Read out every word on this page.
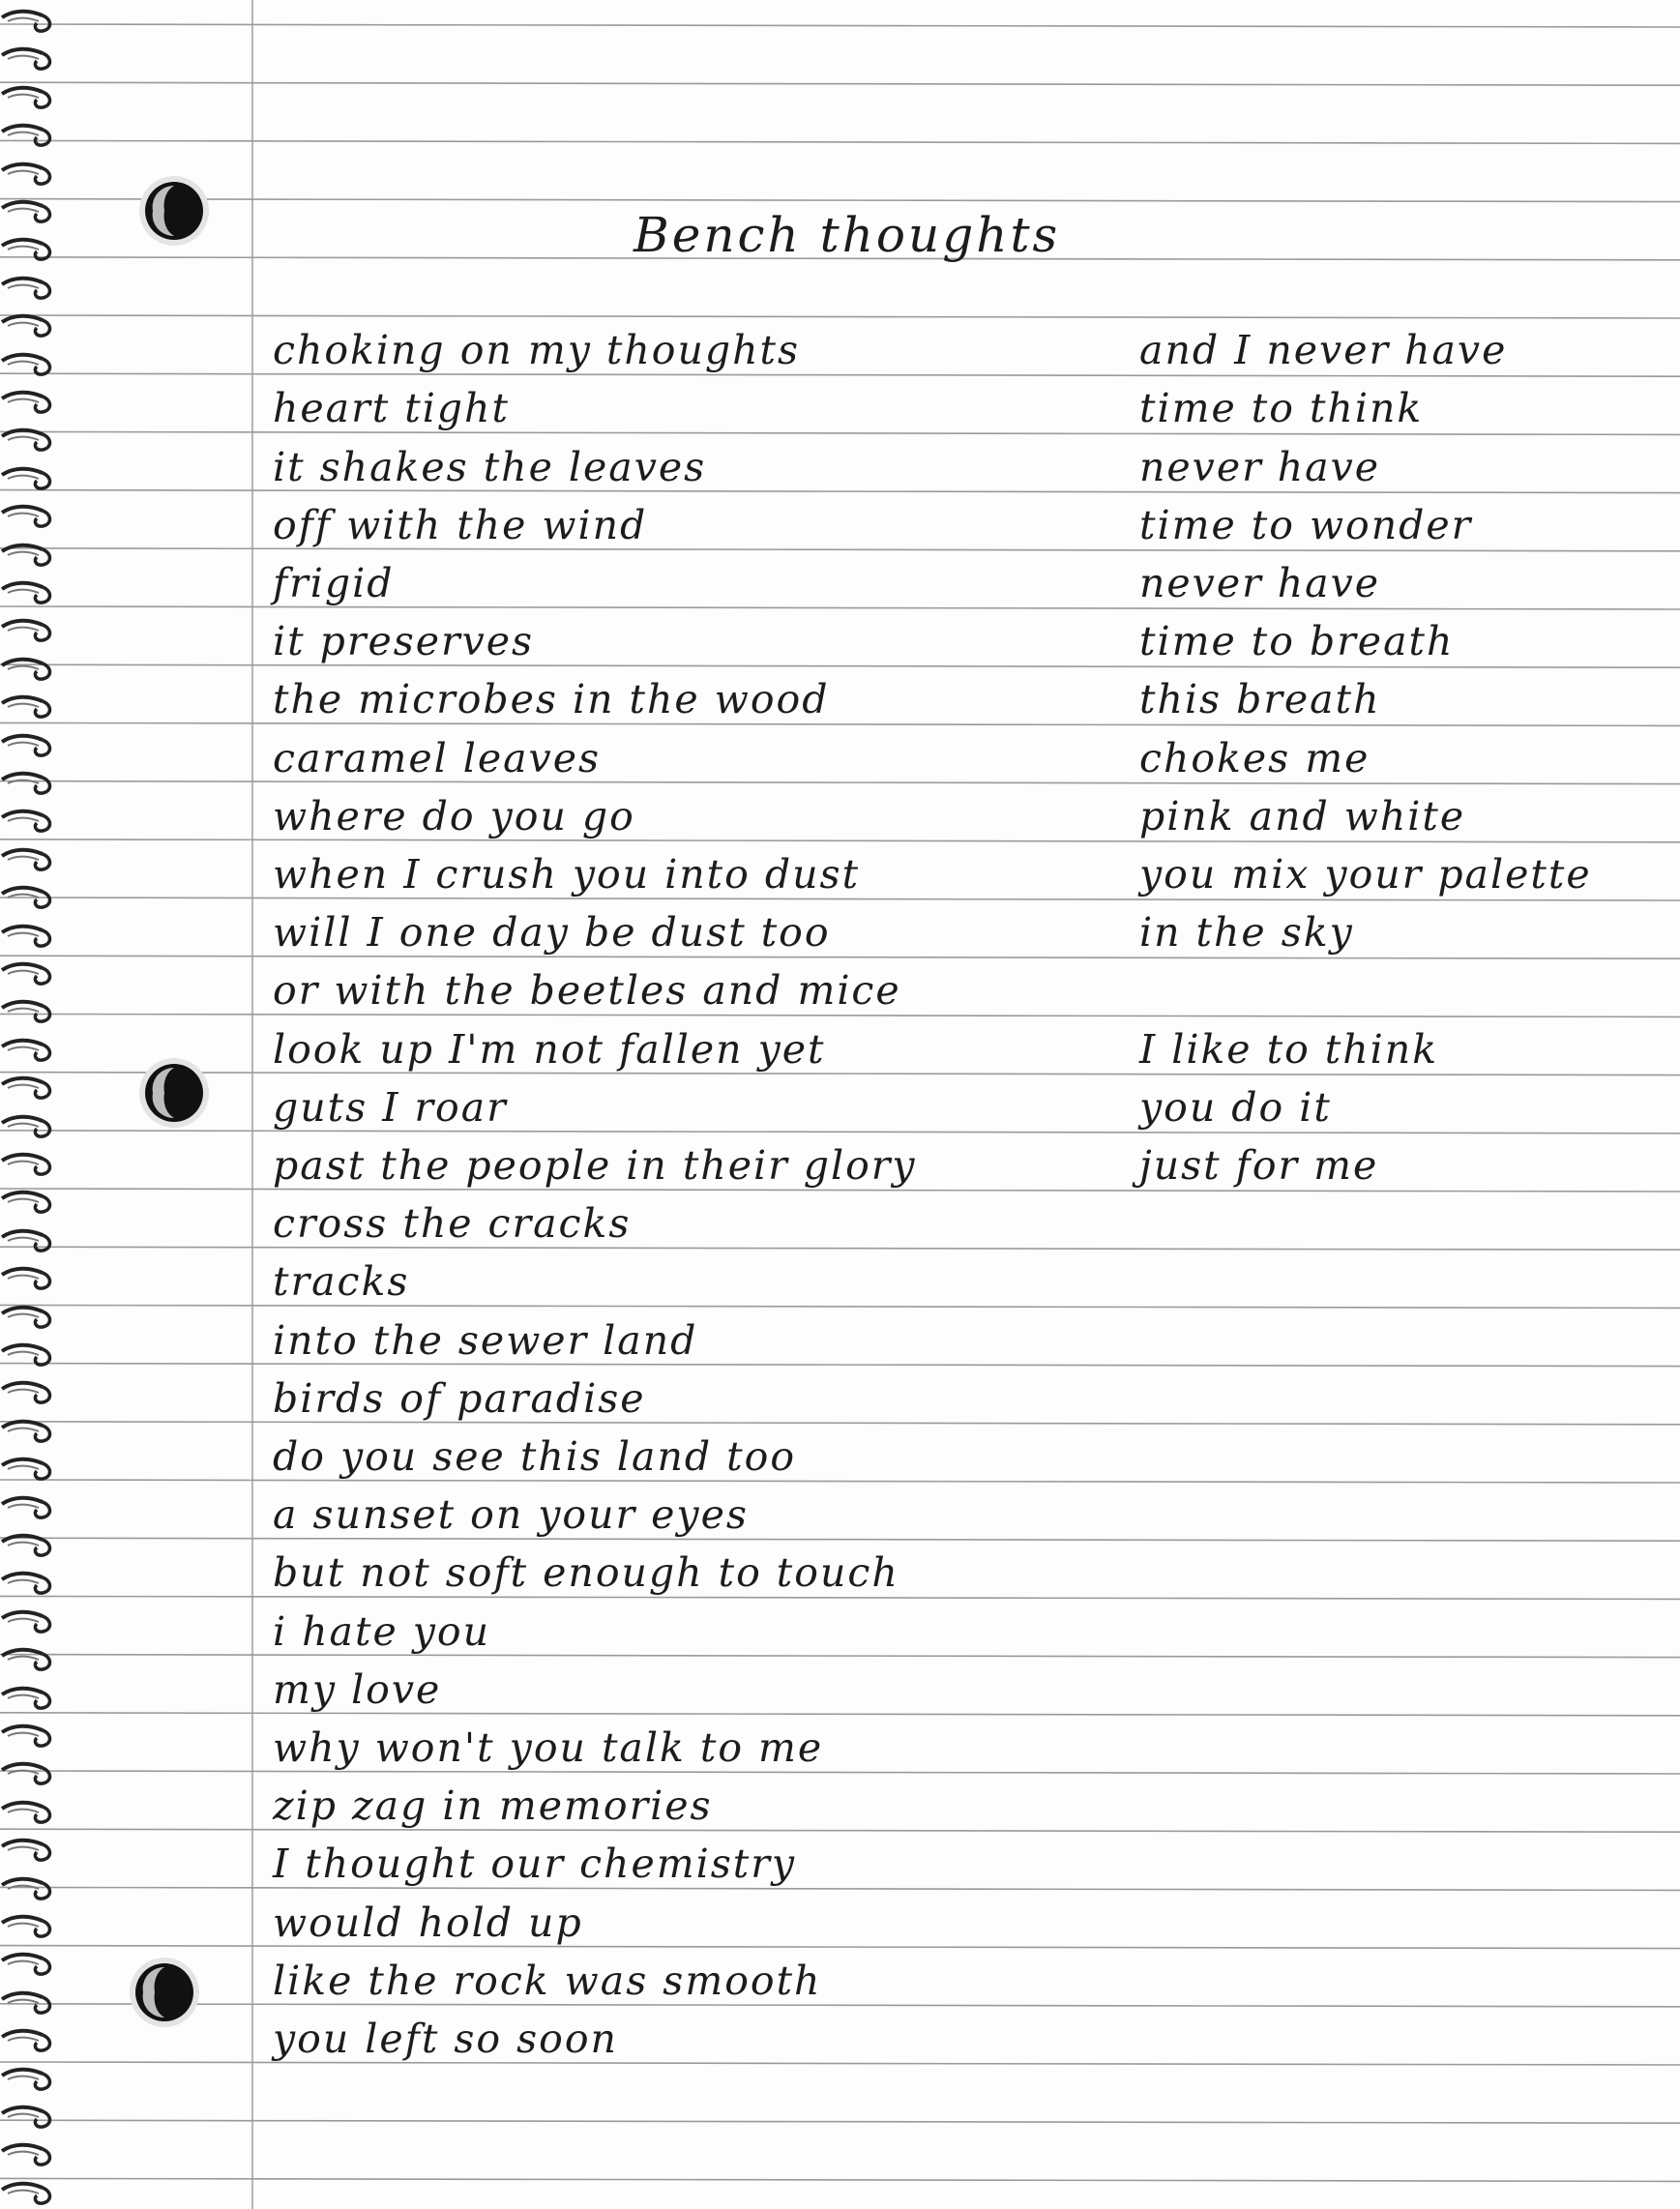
Bench thoughts
choking on my thoughts
heart tight
it shakes the leaves
off with the wind
frigid
it preserves
the microbes in the wood
caramel leaves
where do you go
when I crush you into dust
will I one day be dust too
or with the beetles and mice
look up I'm not fallen yet
guts I roar
past the people in their glory
cross the cracks
tracks
into the sewer land
birds of paradise
do you see this land too
a sunset on your eyes
but not soft enough to touch
i hate you
my love
why won't you talk to me
zip zag in memories
I thought our chemistry
would hold up
like the rock was smooth
you left so soon
and I never have
time to think
never have
time to wonder
never have
time to breath
this breath
chokes me
pink and white
you mix your palette
in the sky
I like to think
you do it
just for me
